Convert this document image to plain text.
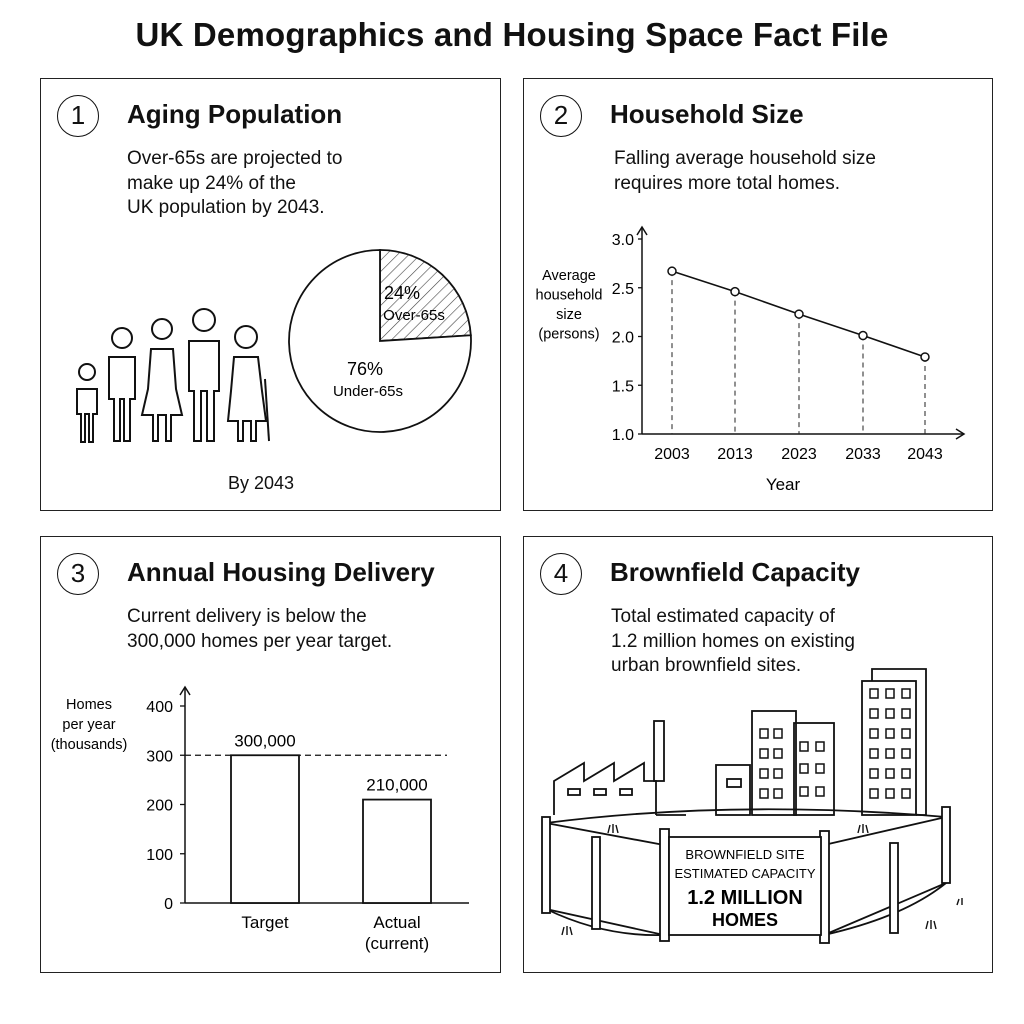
UK Demographics and Housing Space Fact File
1	Aging Population
Over-65s are projected to
make up 24% of the
UK population by 2043.
24%
Over-65s
76%
Under-65s
By 2043
2	Household Size
Falling average household size
requires more total homes.
Average
household
size
(persons)
1.0
1.5
2.0
2.5
3.0
2003 2013 2023 2033 2043
Year
3	Annual Housing Delivery
Current delivery is below the
300,000 homes per year target.
Homes
per year
(thousands)
0
100
200
300
400
300,000
Target
210,000
Actual
(current)
4	Brownfield Capacity
Total estimated capacity of
1.2 million homes on existing
urban brownfield sites.
BROWNFIELD SITE
ESTIMATED CAPACITY
1.2 MILLION
HOMES
